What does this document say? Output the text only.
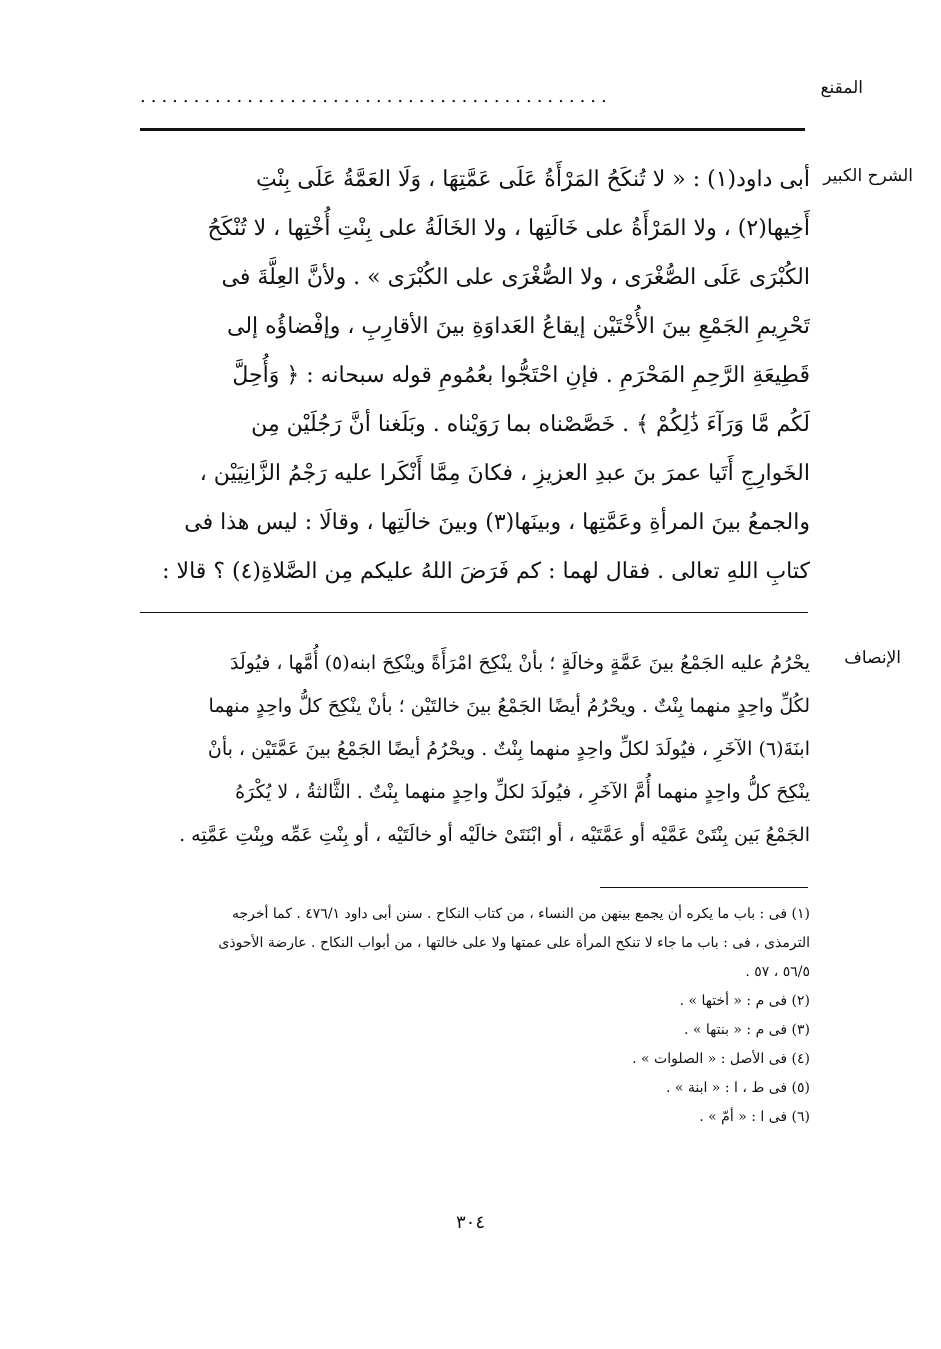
المقنع
............................................
الشرح الكبير
أبى داود(١) : « لا تُنكَحُ المَرْأَةُ عَلَى عَمَّتِهَا ، وَلَا العَمَّةُ عَلَى بِنْتِ
أَخِيها(٢) ، ولا المَرْأَةُ على خَالَتِها ، ولا الخَالَةُ على بِنْتِ أُخْتِها ، لا تُنْكَحُ
الكُبْرَى عَلَى الصُّغْرَى ، ولا الصُّغْرَى على الكُبْرَى » . ولأنَّ العِلَّةَ فى
تَحْرِيمِ الجَمْعِ بينَ الأُخْتَيْن إيقاعُ العَداوَةِ بينَ الأقارِبِ ، وإفْضاؤُه إلى
قَطِيعَةِ الرَّحِمِ المَحْرَمِ . فإنِ احْتَجُّوا بعُمُومِ قوله سبحانه : ﴿ وَأُحِلَّ
لَكُم مَّا وَرَآءَ ذَٰلِكُمْ ﴾ . خَصَّصْناه بما رَوَيْناه . وبَلَغنا أنَّ رَجُلَيْن مِن
الخَوارِجِ أَتَيا عمرَ بنَ عبدِ العزيزِ ، فكانَ مِمَّا أَنْكَرا عليه رَجْمُ الزَّانِيَيْن ،
والجمعُ بينَ المرأةِ وعَمَّتِها ، وبينَها(٣) وبينَ خالَتِها ، وقالَا : ليس هذا فى
كتابِ اللهِ تعالى . فقال لهما : كم فَرَضَ اللهُ عليكم مِن الصَّلاةِ(٤) ؟ قالا :
الإنصاف
يحْرُمُ عليه الجَمْعُ بينَ عَمَّةٍ وخالَةٍ ؛ بأنْ ينْكِحَ امْرَأَةً وينْكِحَ ابنه(٥) أُمَّها ، فيُولَدَ
لكُلِّ واحِدٍ منهما بِنْتٌ . ويحْرُمُ أيضًا الجَمْعُ بينَ خالتَيْن ؛ بأنْ ينْكِحَ كلُّ واحِدٍ منهما
ابنَةَ(٦) الآخَرِ ، فيُولَدَ لكلِّ واحِدٍ منهما بِنْتٌ . ويحْرُمُ أيضًا الجَمْعُ بينَ عَمَّتَيْن ، بأنْ
ينْكِحَ كلُّ واحِدٍ منهما أُمَّ الآخَرِ ، فيُولَدَ لكلِّ واحِدٍ منهما بِنْتٌ . الثَّالثةُ ، لا يُكْرَهُ
الجَمْعُ بَين بِنْتَىْ عَمَّيْه أو عَمَّتَيْه ، أو ابْنَتَىْ خالَيْه أو خالَتَيْه ، أو بِنْتِ عَمِّه وبِنْتِ عَمَّتِه .
(١) فى : باب ما يكره أن يجمع بينهن من النساء ، من كتاب النكاح . سنن أبى داود ٤٧٦/١ . كما أخرجه
الترمذى ، فى : باب ما جاء لا تنكح المرأة على عمتها ولا على خالتها ، من أبواب النكاح . عارضة الأحوذى
٥٦/٥ ، ٥٧ .
(٢) فى م : « أختها » .
(٣) فى م : « بنتها » .
(٤) فى الأصل : « الصلوات » .
(٥) فى ط ، ا : « ابنة » .
(٦) فى ا : « أمّ » .
٣٠٤
